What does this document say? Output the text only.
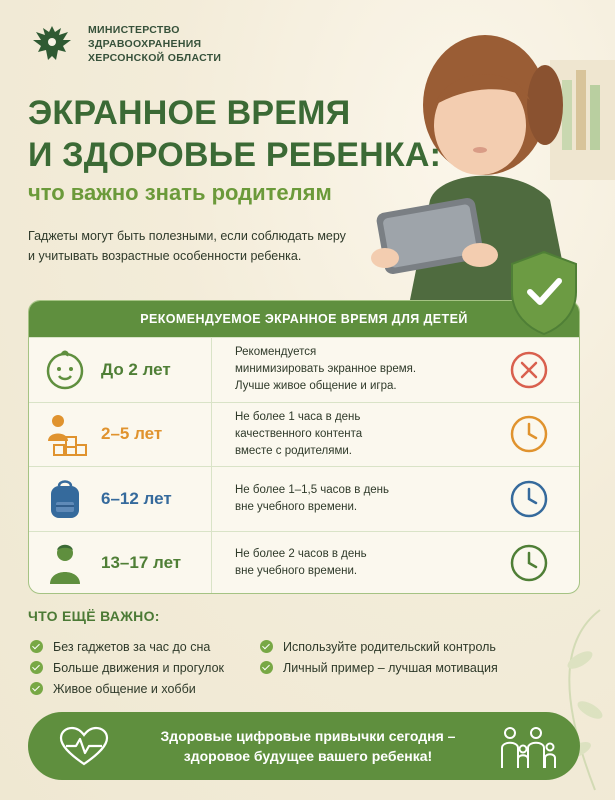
МИНИСТЕРСТВО
ЗДРАВООХРАНЕНИЯ
ХЕРСОНСКОЙ ОБЛАСТИ
ЭКРАННОЕ ВРЕМЯ
И ЗДОРОВЬЕ РЕБЕНКА:
что важно знать родителям
Гаджеты могут быть полезными, если соблюдать меру
и учитывать возрастные особенности ребенка.
РЕКОМЕНДУЕМОЕ ЭКРАННОЕ ВРЕМЯ ДЛЯ ДЕТЕЙ
До 2 лет
Рекомендуется
минимизировать экранное время.
Лучше живое общение и игра.
2–5 лет
Не более 1 часа в день
качественного контента
вместе с родителями.
6–12 лет	Не более 1–1,5 часов в день
вне учебного времени.
13–17 лет	Не более 2 часов в день
вне учебного времени.
ЧТО ЕЩЁ ВАЖНО:
Без гаджетов за час до сна
Больше движения и прогулок
Живое общение и хобби
Используйте родительский контроль
Личный пример – лучшая мотивация
Здоровые цифровые привычки сегодня –
здоровое будущее вашего ребенка!
